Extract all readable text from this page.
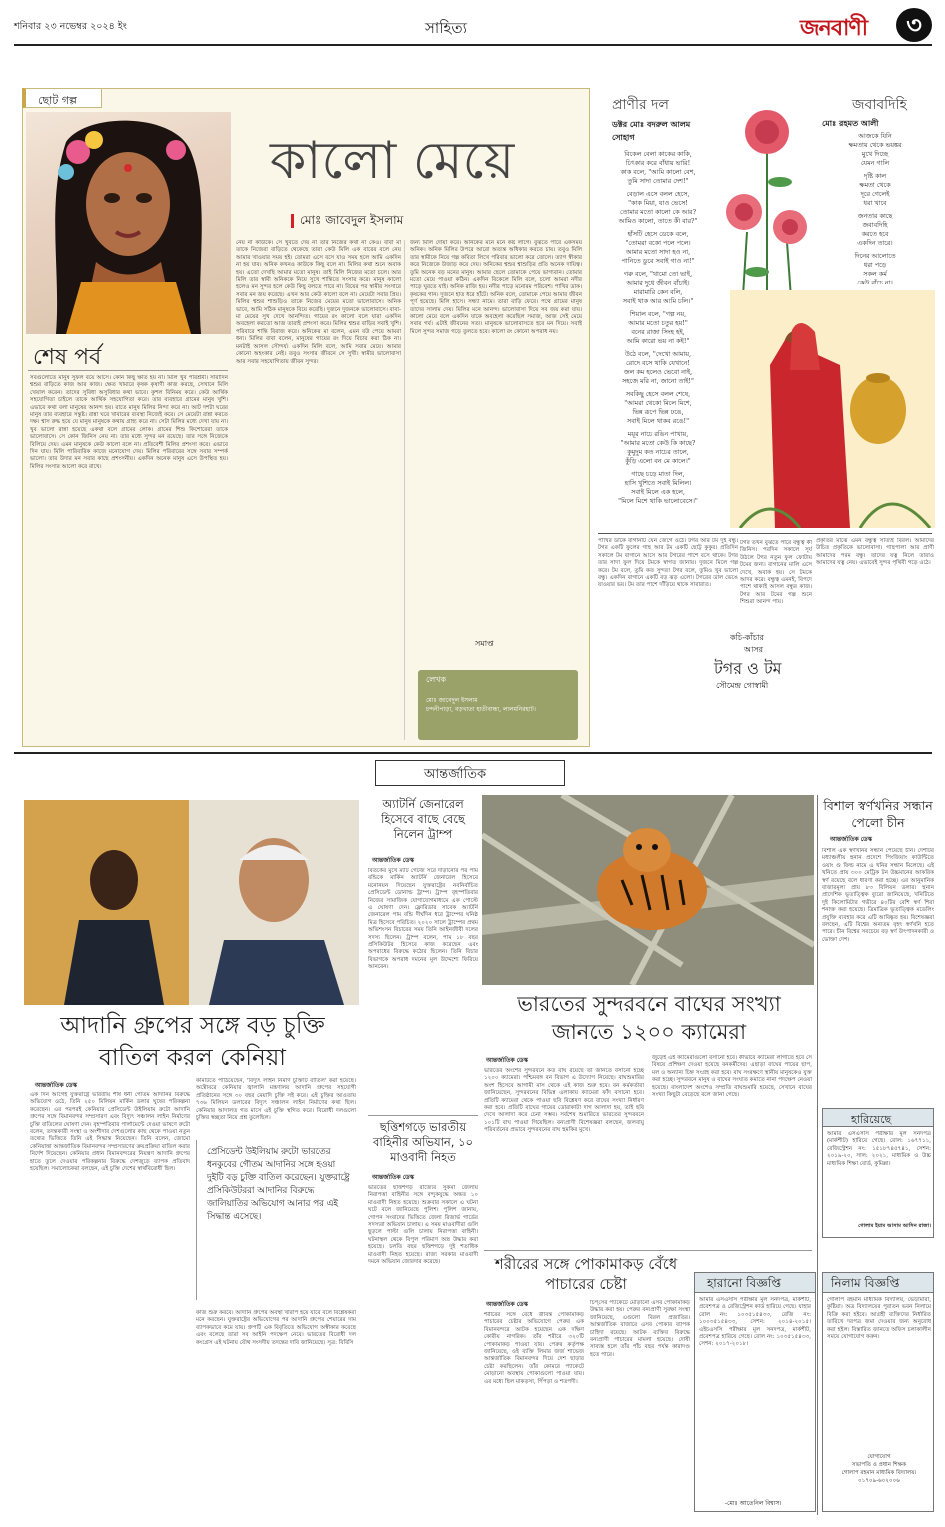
শনিবার ২৩ নভেম্বর ২০২৪ ইং	সাহিত্য	জনবাণী	৩
ছোট গল্প
কালো মেয়ে
মোঃ জাবেদুল ইসলাম
শেষ পর্ব
সবগুলোতে মানুষ সুফল বয়ে আসে। কোন কিছু ক্ষতি হয় না। মিলি খুব পরিশ্রমী। সারাদিন শ্বশুর বাড়িতে কাজ আর কাজ। ক্ষেত খামারে কৃষক কৃষাণী কাজ করছে, সেখানে মিলি খেয়াল করেন। তাদের সুবিধা অসুবিধার কথা ভাবে। কুশল বিনিময় করে। কেউ আর্থিক সহযোগিতা চাইলে তাকে আর্থিক সহযোগিতা করে। তার ব্যবহারে গ্রামের মানুষ খুশি। এভাবে কথা বলা মানুষের আনন্দ হয়। রাতে মানুষ মিলির নিন্দা করে না। আট দশটা ঘরের মানুষ তার ব্যবহারে সন্তুষ্ট। রান্না ঘরে খাবারের ব্যবস্থা নিজেই করে। সে মেয়েটা রান্না করতে দক্ষ। শ্বাস রুদ্ধ হয়ে যে মানুষ মানুষকে কথায় গ্রাহ্য করে না। সেটা মিলির মধ্যে দেখা যায় না। খুব ভালো রান্না হয়েছে একথা বলে গ্রামের লোক। গ্রামের শিশু কিশোরেরা তাকে ভালোবাসে। সে কোন জিনিস নেয় না। তার মধ্যে সুন্দর মন রয়েছে। তার সঙ্গে নিজেকে বিলিয়ে দেয়। এমন মানুষকে কেউ কালো বলে না। প্রতিবেশী মিলির প্রশংসা করে। এভাবে দিন যায়। মিলি পারিবারিক কাজে মনোযোগ দেয়। মিলির পরিবারের সঙ্গে সবার সম্পর্ক ভালো। তার উদার মন সবার কাছে প্রশংসনীয়। একদিন অনেক মানুষ এসে উপস্থিত হয়। মিলির সংসার আলো করে রাখে।
নেয় না কাউকে। সে খুবতে দেয় না তার নিজের কথা না কেও। বাবা মা তাকে নিজেরা বাড়িতে থেকেছে তারা কেউ মিলি এক বারের বলে নেয় আমার খাওয়ার সময় হই। তোমরা এসে বসে যাও সময় হলে আমি একদিন না হয় যাব। অনিক কখনও কাউকে কিছু বলে না। মিলির কথা শুনে অবাক হয়। এতো দেখছি আমার মতো মানুষ। তাই মিলি নিজের মতো চলে। আর মিলি তার স্বামী অনিককে নিয়ে সুখে শান্তিতে সংসার করে। মানুষ কালো হলেও মন সুন্দর হলে কেউ কিছু বলতে পারে না। বিয়ের পর স্বামীর সংসারে সবার মন জয় করেছে। এখন আর কেউ কালো বলে না। মেয়েটা সবার প্রিয়। মিলির শ্বশুর শাশুড়িও তাকে নিজের মেয়ের মতো ভালোবাসে। অনিক ভাবে, আমি সঠিক মানুষকে বিয়ে করেছি। দুজনে দুজনকে ভালোবাসে। বাবা-মা মেয়ের সুখ দেখে আনন্দিত। গায়ের রং কালো বলে যারা একদিন অবহেলা করতো আজ তারাই প্রশংসা করে। মিলির শ্বশুর বাড়ির সবাই খুশি। পরিবারে শান্তি বিরাজ করে। অনিকের মা বলেন, এমন বউ পেয়ে আমরা ধন্য। মিলির বাবা বলেন, মানুষের গায়ের রং দিয়ে বিচার করা ঠিক না। মনটাই আসল সৌন্দর্য। একদিন মিলি বলে, আমি সবার মেয়ে। আমার কোনো অহংকার নেই। তবুও সংসার জীবনে সে সুখী। স্বামীর ভালোবাসা আর সবার সহযোগিতায় জীবন সুন্দর।
জন্য মিলি দোয়া করে। অনিকের মনে মনে কষ্ট লাগে। বুঝতে পারে একসময় অনিক। অনিক মিলির উপরে আরো অত্যন্ত অধিকার করতে চায়। তবুও মিলি তার স্বামীকে নিয়ে গল্প কবিতা লিখে পরিবার ভালো করে তোলে। ত্যাগ স্বীকার করে নিজেকে উজাড় করে দেয়। অনিকের শ্বশুর শ্বাশুড়ির প্রতি অনেক দায়িত্ব। তুমি অনেক বড় মনের মানুষ। আমার ছেলে তোমাকে পেয়ে ভাগ্যবান। তোমার মতো মেয়ে পাওয়া কঠিন। একদিন বিকেলে মিলি বলে, চলো আমরা নদীর পাড়ে ঘুরতে যাই। অনিক রাজি হয়। নদীর পাড়ে মনোরম পরিবেশ। পাখির ডাক। কৃষকের গান। দুজনে হাত ধরে হাঁটে। অনিক বলে, তোমাকে পেয়ে আমার জীবন পূর্ণ হয়েছে। মিলি হাসে। সন্ধ্যা নামে। তারা বাড়ি ফেরে। পথে গ্রামের মানুষ তাদের সালাম দেয়। মিলির মনে আনন্দ। ভালোবাসা দিয়ে সব জয় করা যায়। কালো মেয়ে বলে একদিন যাকে অবহেলা করেছিল সমাজ, আজ সেই মেয়ে সবার গর্ব। এটাই জীবনের সত্য। মানুষকে ভালোবাসতে হবে মন দিয়ে। সবাই মিলে সুন্দর সমাজ গড়ে তুলতে হবে। কালো রং কোনো অপরাধ নয়।
সমাপ্ত
লেখক
মোঃ জাবেদুল ইসলাম
চন্দনীপাড়া, বড়খাতা হাতীবান্ধা, লালমনিরহাট।
প্রাণীর দল
ডক্টর মোঃ বদরুল আলম সোহাগ
বিকেল বেলা কাকের কাকি,
চিৎকার করে বাঁধায় ভারি!
কাক বলে, "আমি কালো বেশ,
তুমি সাদা তোমার দেশ!"
বেড়াল এসে বলল হেসে,
"কাক মিয়া, যাও ভেসে!
তোমার মতো কালো কে আর?
আমিও কালো, তাতে কী বার?"
হাঁসটি হেসে ডেকে বলে,
"তোমরা বকো পলে পলে।
আমার মতো সাদা হও না,
পানিতে ডুবে সবাই গাও না!"
গরু বলে, "থামো তো ভাই,
আমার দুধে জীবন বাঁচাই।
মারামারি কেন বলি,
সবাই থাক আর আমি চলি।"
শিয়াল বলে, "গল্প নয়,
আমার মতো চতুর হয়!"
বনের রাজা সিংহ হই,
আমি কারো ভয় না কই!"
উঠে বলে, "দেখো আমায়,
রোদে বসে থাকি যেখানে!
জল কম হলেও ভেবো নাই,
সহজে মরি না, জানো তাই!"
সবকিছু হেসে বলল শেষে,
"আমরা থেকো মিলে মিশে,
ভিন্ন রূপে ভিন্ন ঢঙে,
সবাই মিলে থাকব রঙে!"
ময়ূর নাচে রঙিন পাখায়,
"আমার মতো কেউ কি কাছে?
কুমুদুম কত নাচের তালে,
কুঁড়ি এলো বন মে কালে।"
গাছে চড়ে মাতা দিল,
হাসি খুশিতে সবাই মিলিল।
সবাই মিলে এক হলে,
"মিলে মিশে থাকি ভালোবেসে।"
জবাবদিহি
মোঃ রহমত আলী
আজকে যিনি
ক্ষমতায় থেকে ভয়ঙ্কর
মুখে দিচ্ছে
যেমন গালি
দৃষ্টি কাল
ক্ষমতা থেকে
দূরে গেলেই
ধরা খাবে
জনতার কাছে
জবাবদিহি
করতে হবে
একদিন তারে।
দিনের আলোতে
ধরা পড়ে
সকল কর্ম
কেউ বাঁচে না।
পাখির ডাকে বাগানটি যেন জেগে ওঠে। টগর আর টম দুই বন্ধু। টগর একটি ফুলের গাছ আর টম একটি ছোট্ট কুকুর। প্রতিদিন সকালে টম বাগানে আসে আর টগরের পাশে বসে থাকে। টগর তার সাদা ফুল দিয়ে টমকে স্বাগত জানায়। দুজনে মিলে গল্প করে। টম বলে, তুমি কত সুন্দর! টগর বলে, তুমিও খুব ভালো বন্ধু। একদিন বাগানে একটি বড় ঝড় এলো। টগরের ডাল ভেঙে যাওয়ার ভয়। টম তার পাশে দাঁড়িয়ে থাকে সারারাত।
প্রকৃতির মাঝে এমন বন্ধুত্ব সত্যিই বিরল। আমাদের উচিত প্রকৃতিকে ভালোবাসা। গাছপালা আর প্রাণী আমাদের পরম বন্ধু। তাদের যত্ন নিলে তারাও আমাদের যত্ন নেয়। এভাবেই সুন্দর পৃথিবী গড়ে ওঠে।
কচি-কাঁচার
আসর
টগর ও টম
সৌমেন্দ্র গোস্বামী
টগর তখন বুঝতে পারে বন্ধুত্ব কী জিনিস। পরদিন সকালে সূর্য উঠলে টগর নতুন ফুল ফোটায় টমের জন্য। বাগানের মালি এসে দেখে, অবাক হয়। সে টমকে আদর করে। বন্ধুত্ব এমনই, বিপদে পাশে থাকাই আসল বন্ধুর কাজ। টগর আর টমের গল্প শুনে শিশুরা আনন্দ পায়।
আন্তর্জাতিক
আদানি গ্রুপের সঙ্গে বড় চুক্তি বাতিল করল কেনিয়া
আন্তর্জাতিক ডেস্ক
এক দিন আগেই যুক্তরাষ্ট্রে ভারতীয় শীর্ষ ধনী গৌতম আদানির বিরুদ্ধে অভিযোগ ওঠে, তিনি ২৫০ মিলিয়ন মার্কিন ডলার ঘুষের পরিকল্পনা করেছেন। এর পরপরই কেনিয়ার প্রেসিডেন্ট উইলিয়াম রুটো আদানি গ্রুপের সঙ্গে বিমানবন্দর সম্প্রসারণ এবং বিদ্যুৎ সঞ্চালন লাইন নির্মাণের চুক্তি বাতিলের ঘোষণা দেন। বৃহস্পতিবার পার্লামেন্টে দেওয়া ভাষণে রুটো বলেন, তদন্তকারী সংস্থা ও অংশীদার দেশগুলোর কাছ থেকে পাওয়া নতুন তথ্যের ভিত্তিতে তিনি এই সিদ্ধান্ত নিয়েছেন। তিনি বলেন, জোমো কেনিয়াত্তা আন্তর্জাতিক বিমানবন্দর সম্প্রসারণের ক্রয়প্রক্রিয়া বাতিল করার নির্দেশ দিয়েছেন। কেনিয়ার প্রধান বিমানবন্দরের নিয়ন্ত্রণ আদানি গ্রুপের হাতে তুলে দেওয়ার পরিকল্পনার বিরুদ্ধে দেশজুড়ে ব্যাপক প্রতিবাদ হয়েছিল। সমালোচকরা বলছেন, এই চুক্তি দেশের স্বার্থবিরোধী ছিল।
কমিটিতে পাঠিয়েছেন, 'বিদ্যুৎ লাইন নির্মাণ চুক্তিটি বাতিল' করা হয়েছে। অক্টোবরে কেনিয়ার জ্বালানি মন্ত্রণালয় আদানি গ্রুপের সহযোগী প্রতিষ্ঠানের সঙ্গে ৩০ বছর মেয়াদি চুক্তি সই করে। এই চুক্তির আওতায় ৭৩৬ মিলিয়ন ডলারের বিদ্যুৎ সঞ্চালন লাইন নির্মাণের কথা ছিল। কেনিয়ার আদালত গত মাসে এই চুক্তি স্থগিত করে। বিরোধী দলগুলো চুক্তির স্বচ্ছতা নিয়ে প্রশ্ন তুলেছিল।
প্রেসিডেন্ট উইলিয়াম রুটো ভারতের ধনকুবের গৌতম আদানির সঙ্গে হওয়া দুইটি বড় চুক্তি বাতিল করেছেন। যুক্তরাষ্ট্রে প্রসিকিউটররা আদানির বিরুদ্ধে জালিয়াতির অভিযোগ আনার পর এই সিদ্ধান্ত এসেছে।
কাজ শুরু করবে। আদানি গ্রুপের অবস্থা খারাপ হয়ে যাবে বলে বিশ্লেষকরা মনে করছেন। যুক্তরাষ্ট্রের অভিযোগের পর আদানি গ্রুপের শেয়ারের দাম ব্যাপকভাবে কমে যায়। গ্রুপটি এক বিবৃতিতে অভিযোগ অস্বীকার করেছে এবং বলেছে তারা সব আইনি পদক্ষেপ নেবে। ভারতের বিরোধী দল কংগ্রেস এই ঘটনায় যৌথ সংসদীয় তদন্তের দাবি জানিয়েছে। সূত্র: বিবিসি
অ্যাটর্নি জেনারেল হিসেবে বাছে বেছে নিলেন ট্রাম্প
আন্তর্জাতিক ডেস্ক
বিতর্কের মুখে ম্যাট গেটজ সরে দাঁড়ানোর পর পাম বন্ডিকে মার্কিন অ্যাটর্নি জেনারেল হিসেবে মনোনয়ন দিয়েছেন যুক্তরাষ্ট্রের নবনির্বাচিত প্রেসিডেন্ট ডোনাল্ড ট্রাম্প। ট্রাম্প বৃহস্পতিবার নিজের সামাজিক যোগাযোগমাধ্যমে এক পোস্টে এ ঘোষণা দেন। ফ্লোরিডার সাবেক অ্যাটর্নি জেনারেল পাম বন্ডি দীর্ঘদিন ধরে ট্রাম্পের ঘনিষ্ঠ মিত্র হিসেবে পরিচিত। ২০২০ সালে ট্রাম্পের প্রথম অভিশংসন বিচারের সময় তিনি আইনজীবী দলের সদস্য ছিলেন। ট্রাম্প বলেন, পাম ১৮ বছর প্রসিকিউটর হিসেবে কাজ করেছেন এবং অপরাধের বিরুদ্ধে কঠোর ছিলেন। তিনি বিচার বিভাগকে অপরাধ দমনের মূল উদ্দেশ্যে ফিরিয়ে আনবেন।
ছত্তিশগড়ে ভারতীয় বাহিনীর অভিযান, ১০ মাওবাদী নিহত
আন্তর্জাতিক ডেস্ক
ভারতের ছত্তিশগড় রাজ্যের সুকমা জেলায় নিরাপত্তা বাহিনীর সঙ্গে বন্দুকযুদ্ধে অন্তত ১০ মাওবাদী নিহত হয়েছে। শুক্রবার সকালে এ ঘটনা ঘটে বলে জানিয়েছে পুলিশ। পুলিশ জানায়, গোপন সংবাদের ভিত্তিতে জেলা রিজার্ভ গার্ডের সদস্যরা অভিযান চালায়। এ সময় মাওবাদীরা গুলি ছুড়লে পাল্টা গুলি চালায় নিরাপত্তা বাহিনী। ঘটনাস্থল থেকে বিপুল পরিমাণ অস্ত্র উদ্ধার করা হয়েছে। চলতি বছর ছত্তিশগড়ে দুই শতাধিক মাওবাদী নিহত হয়েছে। রাজ্য সরকার মাওবাদী দমনে অভিযান জোরদার করেছে।
ভারতের সুন্দরবনে বাঘের সংখ্যা জানতে ১২০০ ক্যামেরা
আন্তর্জাতিক ডেস্ক
ভারতের অংশের সুন্দরবনে কত বাঘ রয়েছে তা জানতে বসানো হচ্ছে ১২০০ ক্যামেরা। পশ্চিমবঙ্গ বন বিভাগ এ উদ্যোগ নিয়েছে। বাঘশুমারির অংশ হিসেবে আগামী মাস থেকে এই কাজ শুরু হবে। বন কর্মকর্তারা জানিয়েছেন, সুন্দরবনের বিভিন্ন এলাকায় ক্যামেরা ফাঁদ বসানো হবে। প্রতিটি ক্যামেরা থেকে পাওয়া ছবি বিশ্লেষণ করে বাঘের সংখ্যা নির্ধারণ করা হবে। প্রতিটি বাঘের গায়ের ডোরাকাটা দাগ আলাদা হয়, তাই ছবি দেখে আলাদা করে চেনা সম্ভব। সর্বশেষ শুমারিতে ভারতের সুন্দরবনে ১০১টি বাঘ পাওয়া গিয়েছিল। বন্যপ্রাণী বিশেষজ্ঞরা বলছেন, জলবায়ু পরিবর্তনের প্রভাবে সুন্দরবনের বাঘ হুমকির মুখে।
জুড়েই এই ক্যামেরাগুলো বসানো হবে। কীভাবে ক্যামেরা লাগাতে হবে সে বিষয়ে প্রশিক্ষণ দেওয়া হয়েছে বনকর্মীদের। এছাড়া বাঘের পায়ের ছাপ, মল ও অন্যান্য চিহ্ন সংগ্রহ করা হবে। বাঘ সংরক্ষণে স্থানীয় মানুষকেও যুক্ত করা হচ্ছে। সুন্দরবনে মানুষ ও বাঘের সংঘাত কমাতে নানা পদক্ষেপ নেওয়া হয়েছে। বাংলাদেশ অংশেও সম্প্রতি বাঘশুমারি হয়েছে, সেখানে বাঘের সংখ্যা কিছুটা বেড়েছে বলে জানা গেছে।
শরীরের সঙ্গে পোকামাকড় বেঁধে পাচারের চেষ্টা
আন্তর্জাতিক ডেস্ক
শরীরের সঙ্গে বেঁধে জীবন্ত পোকামাকড় পাচারের চেষ্টার অভিযোগে পেরুর এক বিমানবন্দরে আটক হয়েছেন এক দক্ষিণ কোরীয় নাগরিক। তাঁর শরীরে ৩২০টি পোকামাকড় পাওয়া যায়। পেরুর কর্তৃপক্ষ জানিয়েছে, ওই ব্যক্তি লিমার জর্জ শাভেজ আন্তর্জাতিক বিমানবন্দর দিয়ে দেশ ছাড়ার চেষ্টা করছিলেন। তাঁর কোমরে প্যাকেটে মোড়ানো অবস্থায় পোকাগুলো পাওয়া যায়। এর মধ্যে ছিল মাকড়সা, পিঁপড়া ও শতপদী।
চিপ্‌সের প্যাকেটে মোড়ানো এসব পোকামাকড় উদ্ধার করা হয়। পেরুর বন্যপ্রাণী সুরক্ষা সংস্থা জানিয়েছে, এগুলো বিরল প্রজাতির। আন্তর্জাতিক বাজারে এসব পোকার ব্যাপক চাহিদা রয়েছে। আটক ব্যক্তির বিরুদ্ধে বন্যপ্রাণী পাচারের মামলা হয়েছে। দোষী সাব্যস্ত হলে তাঁর পাঁচ বছর পর্যন্ত কারাদণ্ড হতে পারে।
হারানো বিজ্ঞপ্তি
আমার এসএসসি পরীক্ষার মূল সনদপত্র, মার্কশীট, প্রবেশপত্র ও রেজিস্ট্রেশন কার্ড হারিয়ে গেছে। যাহার রোল নং: ১০৩৫১৫৪৩৩, রেজি নং: ১০০৩৫১৫৪৩৩, সেশন: ২০১৪-২০১৫। এইচএসসি পরীক্ষার মূল সনদপত্র, মার্কশীট, প্রবেশপত্র হারিয়ে গেছে। রোল নং: ১০৩৫১৫৪৩৩, সেশন: ২০১৭-২০১৮।
-মোঃ আতেনিল বিশ্বাস।
বিশাল স্বর্ণখনির সন্ধান পেলো চীন
আন্তর্জাতিক ডেস্ক
বিশাল এক স্বর্ণখনির সন্ধান পেয়েছে চীন। দেশটির মধ্যাঞ্চলীয় হুনান প্রদেশে পিংজিয়াং কাউন্টিতে ওয়াং গু ফিল্ড নামে এ খনির সন্ধান মিলেছে। এই খনিতে প্রায় ৩০০ মেট্রিক টন উচ্চমানের আকরিক স্বর্ণ রয়েছে বলে ধারণা করা হচ্ছে। এর আনুমানিক বাজারমূল্য প্রায় ৮৩ বিলিয়ন ডলার। হুনান প্রাদেশিক ভূতাত্ত্বিক ব্যুরো জানিয়েছে, খনিটিতে দুই কিলোমিটার গভীরে ৪০টির বেশি স্বর্ণ শিরা শনাক্ত করা হয়েছে। ত্রিমাত্রিক ভূতাত্ত্বিক মডেলিং প্রযুক্তি ব্যবহার করে এটি আবিষ্কৃত হয়। বিশেষজ্ঞরা বলছেন, এটি বিশ্বের অন্যতম বৃহৎ স্বর্ণখনি হতে পারে। চীন বিশ্বের সবচেয়ে বড় স্বর্ণ উৎপাদনকারী ও ভোক্তা দেশ।
হারিয়েছে
আমার এসএসসি পরীক্ষার মূল সনদপত্র (মার্কশীট) হারিয়ে গেছে। রোল: ১৬৭৭১১, রেজিস্ট্রেশন নং: ১৫১৮৭৪৫৭৪১, সেশন: ২০১৯-২০, সাল: ২০২১, মাধ্যমিক ও উচ্চ মাধ্যমিক শিক্ষা বোর্ড, কুমিল্লা।
গোলাম ইয়াম আসাম আসিন রাজা।
নিলাম বিজ্ঞপ্তি
গোলাপ রহমান মাধ্যমিক বিদ্যালয়, ভেড়ামারা, কুষ্টিয়া। অত্র বিদ্যালয়ের পুরাতন ভবন নিলামে বিক্রি করা হইবে। আগ্রহী ব্যক্তিদের নির্ধারিত তারিখে দরপত্র জমা দেওয়ার জন্য অনুরোধ করা হইল। বিস্তারিত জানতে অফিস চলাকালীন সময়ে যোগাযোগ করুন।
যোগাযোগ
সভাপতি ও প্রধান শিক্ষক
গোলাপ রহমান মাধ্যমিক বিদ্যালয়।
০১৭০৯-৬০২০০৬
